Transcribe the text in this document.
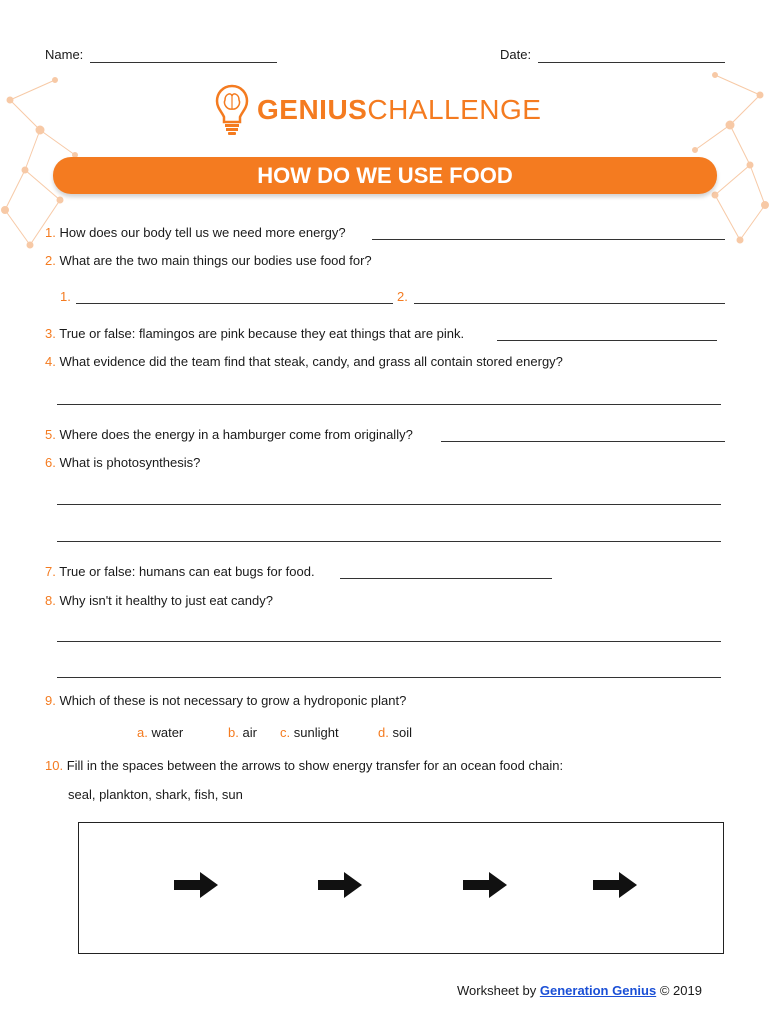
Name:	Date:
GENIUSCHALLENGE
HOW DO WE USE FOOD
1. How does our body tell us we need more energy?
2. What are the two main things our bodies use food for?
1.	2.
3. True or false: flamingos are pink because they eat things that are pink.
4. What evidence did the team find that steak, candy, and grass all contain stored energy?
5. Where does the energy in a hamburger come from originally?
6. What is photosynthesis?
7. True or false: humans can eat bugs for food.
8. Why isn't it healthy to just eat candy?
9. Which of these is not necessary to grow a hydroponic plant?
a. water	b. air c. sunlight	d. soil
10. Fill in the spaces between the arrows to show energy transfer for an ocean food chain:
seal, plankton, shark, fish, sun
Worksheet by Generation Genius © 2019
